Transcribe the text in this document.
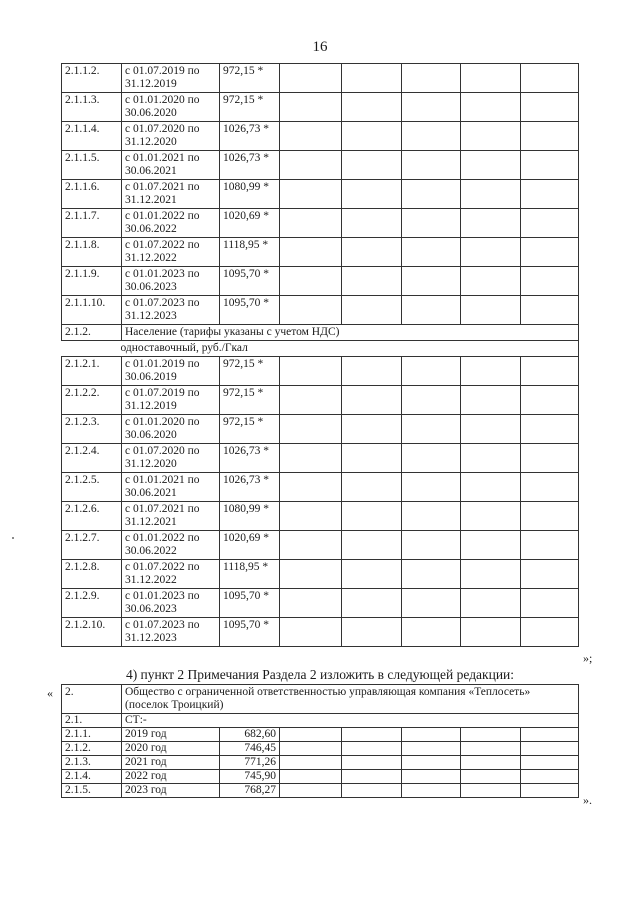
16
2.1.1.2.	с 01.07.2019 по 31.12.2019	972,15 *					
2.1.1.3.	с 01.01.2020 по 30.06.2020	972,15 *					
2.1.1.4.	с 01.07.2020 по 31.12.2020	1026,73 *					
2.1.1.5.	с 01.01.2021 по 30.06.2021	1026,73 *					
2.1.1.6.	с 01.07.2021 по 31.12.2021	1080,99 *					
2.1.1.7.	с 01.01.2022 по 30.06.2022	1020,69 *					
2.1.1.8.	с 01.07.2022 по 31.12.2022	1118,95 *					
2.1.1.9.	с 01.01.2023 по 30.06.2023	1095,70 *					
2.1.1.10.	с 01.07.2023 по 31.12.2023	1095,70 *					
2.1.2.	Население (тарифы указаны с учетом НДС)						
одноставочный, руб./Гкал							
2.1.2.1.	с 01.01.2019 по 30.06.2019	972,15 *					
2.1.2.2.	с 01.07.2019 по 31.12.2019	972,15 *					
2.1.2.3.	с 01.01.2020 по 30.06.2020	972,15 *					
2.1.2.4.	с 01.07.2020 по 31.12.2020	1026,73 *					
2.1.2.5.	с 01.01.2021 по 30.06.2021	1026,73 *					
2.1.2.6.	с 01.07.2021 по 31.12.2021	1080,99 *					
2.1.2.7.	с 01.01.2022 по 30.06.2022	1020,69 *					
2.1.2.8.	с 01.07.2022 по 31.12.2022	1118,95 *					
2.1.2.9.	с 01.01.2023 по 30.06.2023	1095,70 *					
2.1.2.10.	с 01.07.2023 по 31.12.2023	1095,70 *					
»;
4) пункт 2 Примечания Раздела 2 изложить в следующей редакции:
« 2.	Общество с ограниченной ответственностью управляющая компания «Теплосеть» (поселок Троицкий)						
2.1.	СТ:-						
2.1.1.	2019 год	682,60					
2.1.2.	2020 год	746,45					
2.1.3.	2021 год	771,26					
2.1.4.	2022 год	745,90					
2.1.5.	2023 год	768,27					
».
